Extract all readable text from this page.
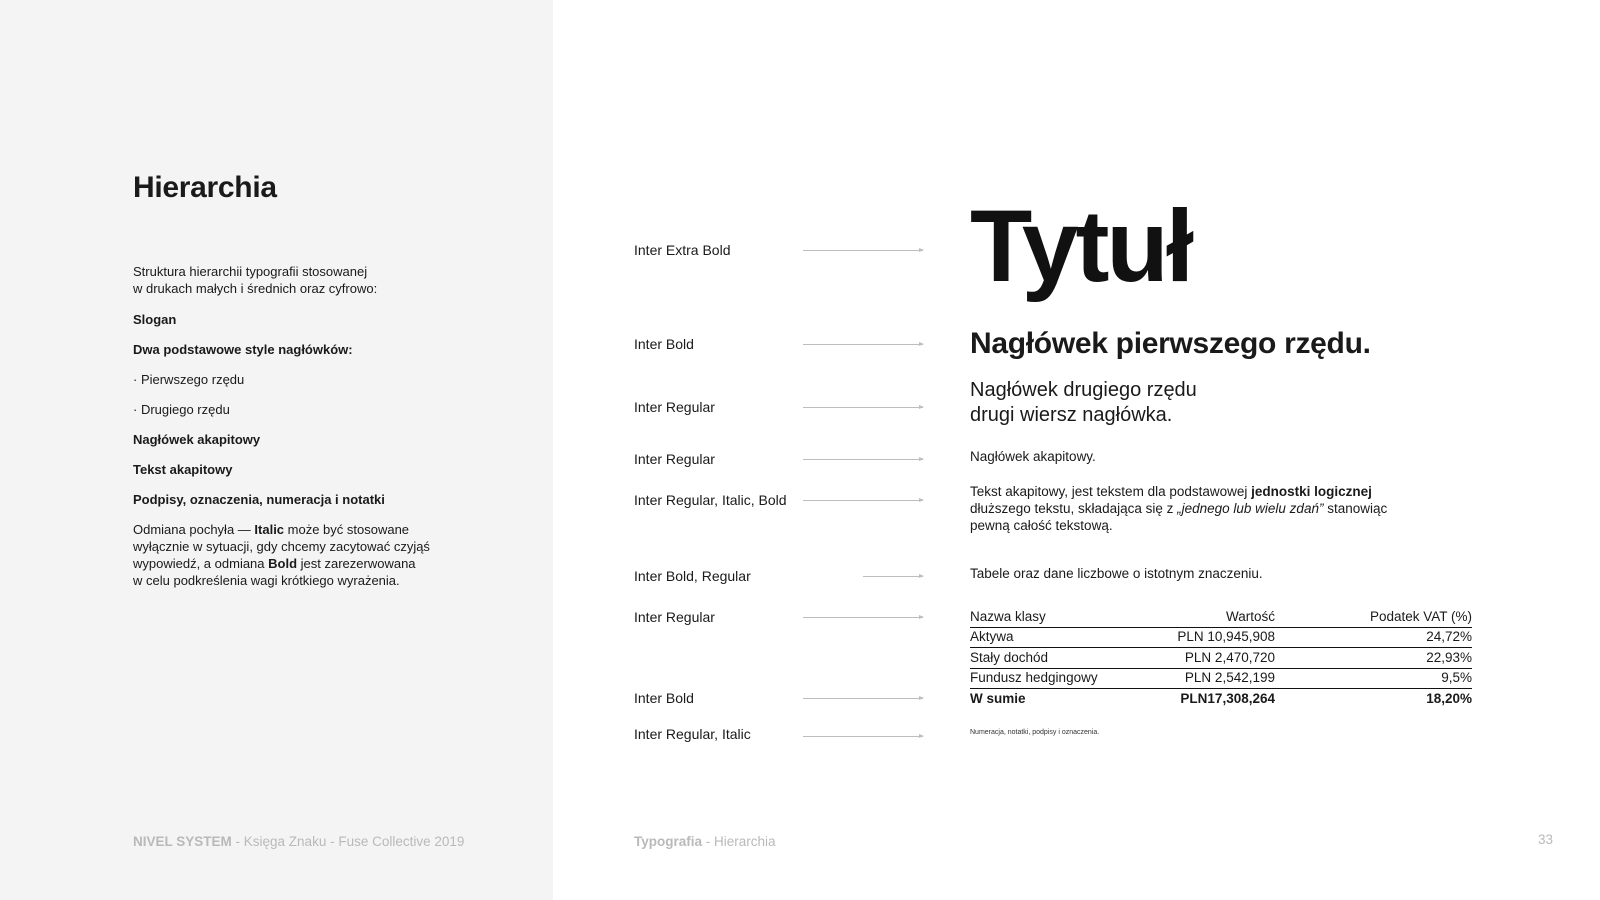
Hierarchia

Struktura hierarchii typografii stosowanej
w drukach małych i średnich oraz cyfrowo:

Slogan

Dwa podstawowe style nagłówków:

· Pierwszego rzędu

· Drugiego rzędu

Nagłówek akapitowy

Tekst akapitowy

Podpisy, oznaczenia, numeracja i notatki

Odmiana pochyła — Italic może być stosowane
wyłącznie w sytuacji, gdy chcemy zacytować czyjąś
wypowiedź, a odmiana Bold jest zarezerwowana
w celu podkreślenia wagi krótkiego wyrażenia.

Inter Extra Bold
Inter Bold
Inter Regular
Inter Regular
Inter Regular, Italic, Bold
Inter Bold, Regular
Inter Regular
Inter Bold
Inter Regular, Italic
Tytuł
Nagłówek pierwszego rzędu.
Nagłówek drugiego rzędu
drugi wiersz nagłówka.
Nagłówek akapitowy.
Tekst akapitowy, jest tekstem dla podstawowej jednostki logicznej
dłuższego tekstu, składająca się z „jednego lub wielu zdań” stanowiąc
pewną całość tekstową.
Tabele oraz dane liczbowe o istotnym znaczeniu.
Nazwa klasy	Wartość	Podatek VAT (%)
Aktywa	PLN 10,945,908	24,72%
Stały dochód	PLN 2,470,720	22,93%
Fundusz hedgingowy	PLN 2,542,199	9,5%
W sumie	PLN17,308,264	18,20%
Numeracja, notatki, podpisy i oznaczenia.
NIVEL SYSTEM - Księga Znaku - Fuse Collective 2019	Typografia - Hierarchia	33
